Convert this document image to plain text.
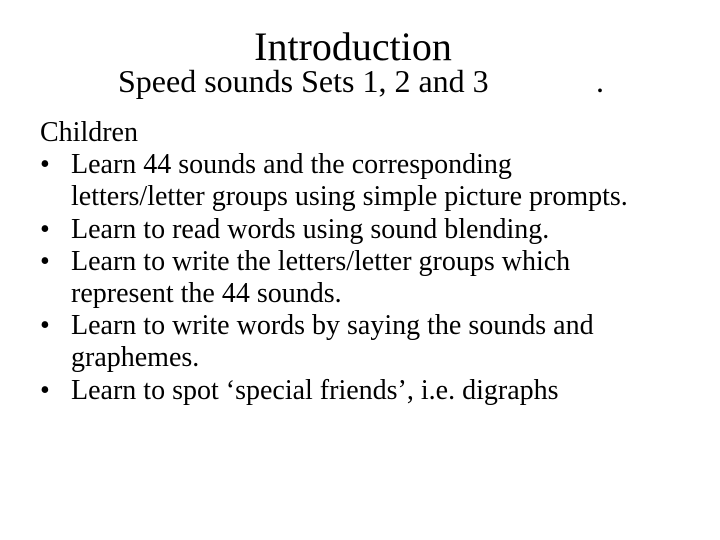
Introduction
Speed sounds Sets 1, 2 and 3	.

Children

• Learn 44 sounds and the corresponding letters/letter groups using simple picture prompts.
• Learn to read words using sound blending.
• Learn to write the letters/letter groups which represent the 44 sounds.
• Learn to write words by saying the sounds and graphemes.
• Learn to spot ‘special friends’, i.e. digraphs
